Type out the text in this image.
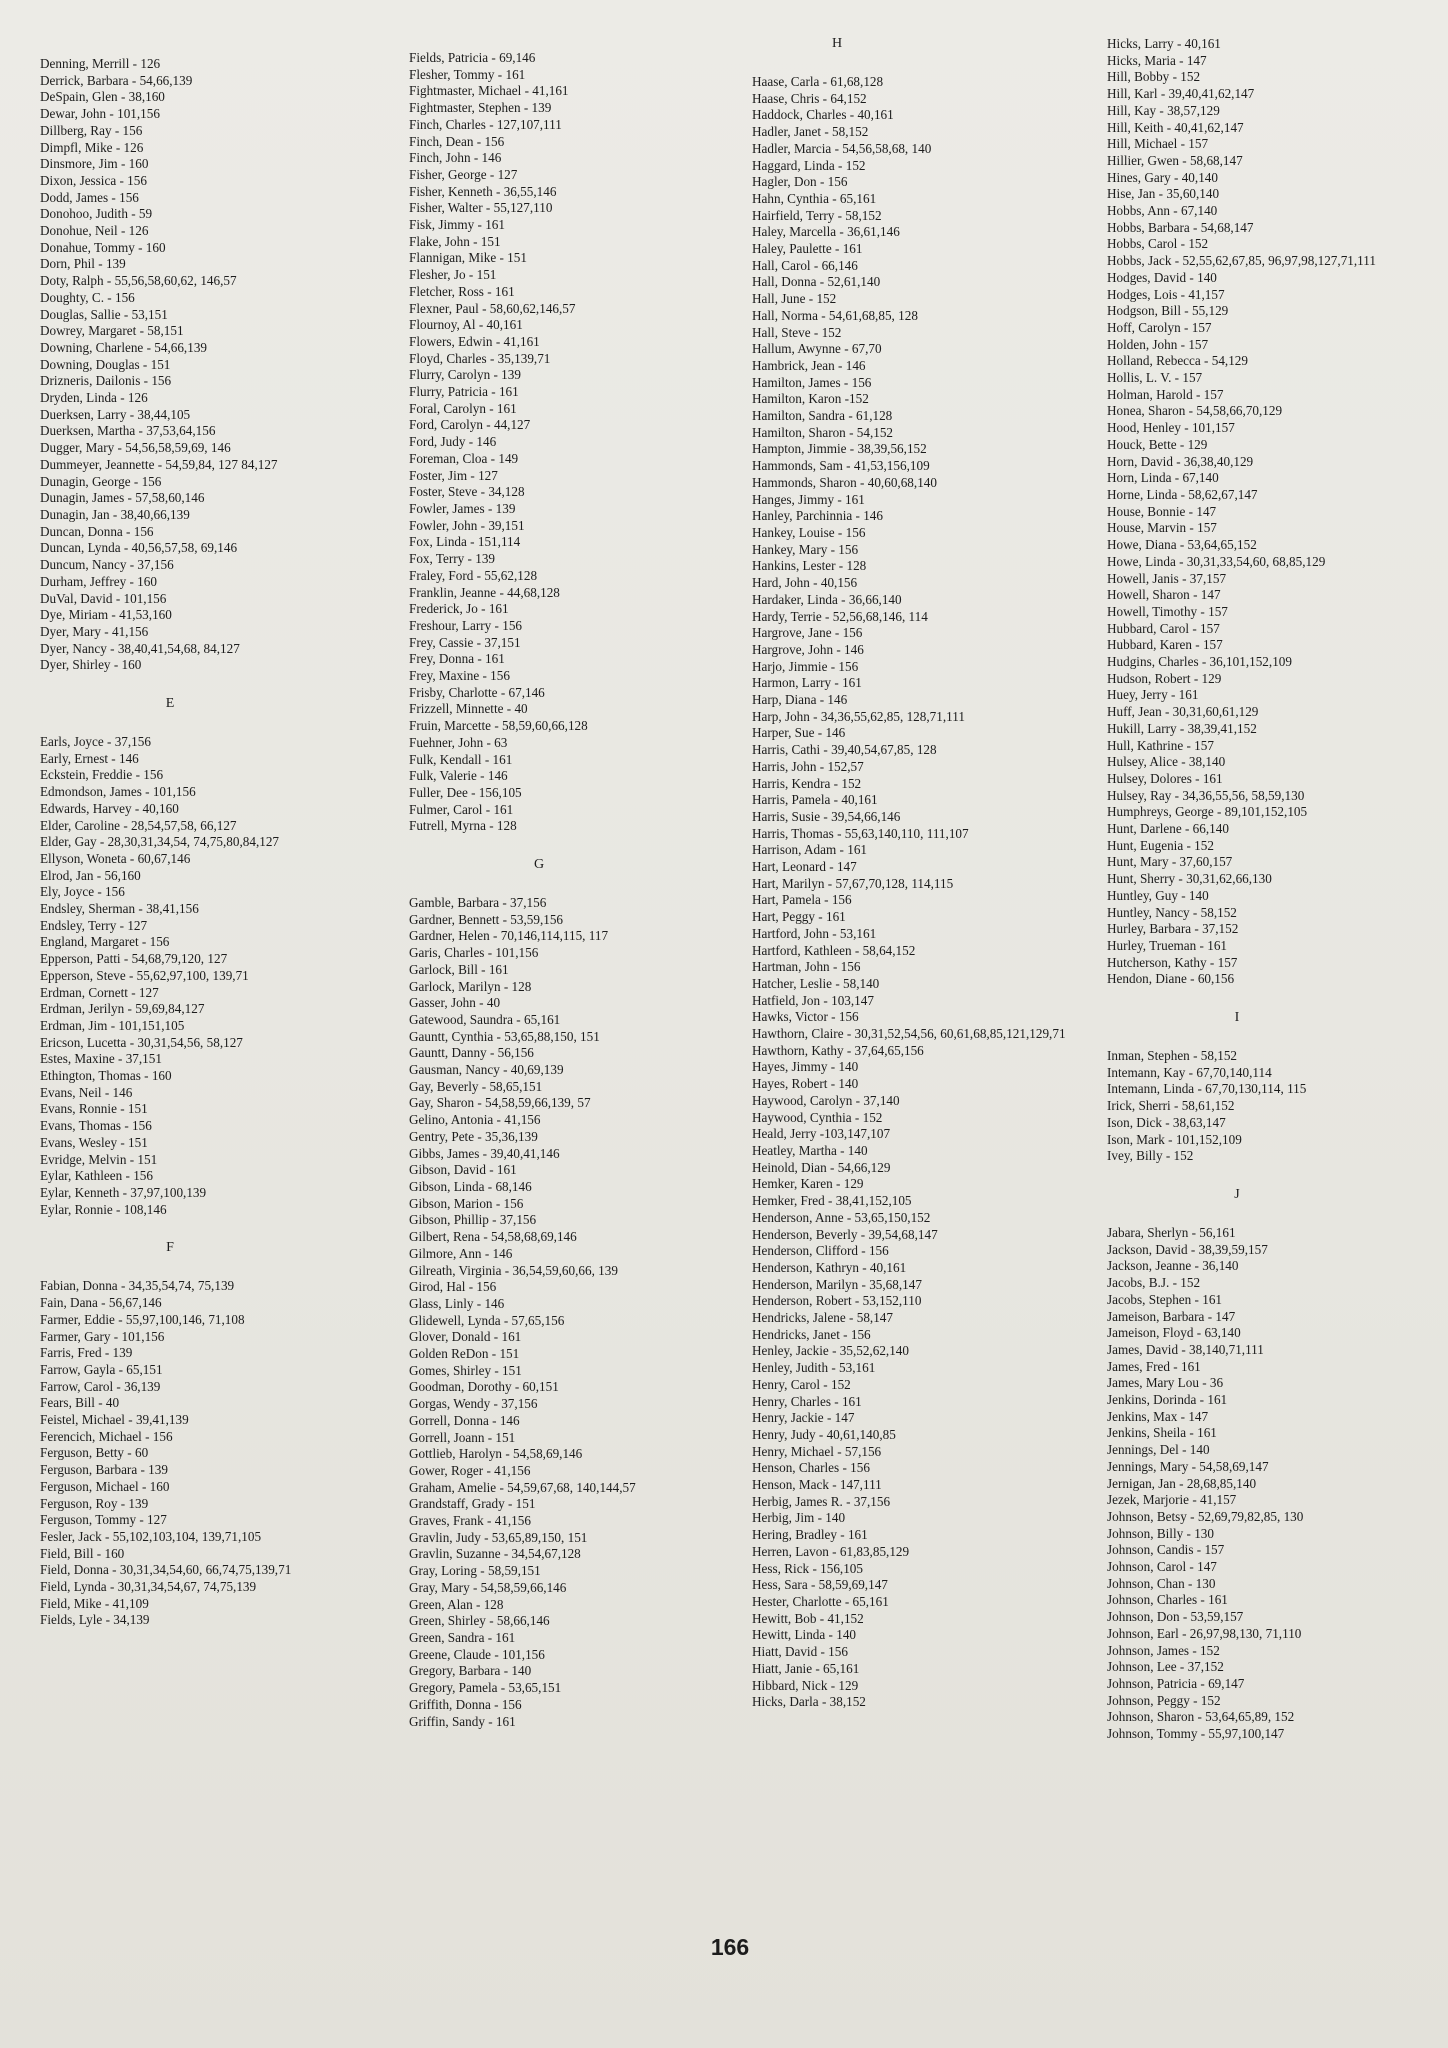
Denning, Merrill - 126
Derrick, Barbara - 54,66,139
DeSpain, Glen - 38,160
Dewar, John - 101,156
Dillberg, Ray - 156
Dimpfl, Mike - 126
Dinsmore, Jim - 160
Dixon, Jessica - 156
Dodd, James - 156
Donohoo, Judith - 59
Donohue, Neil - 126
Donahue, Tommy - 160
Dorn, Phil - 139
Doty, Ralph - 55,56,58,60,62, 146,57
Doughty, C. - 156
Douglas, Sallie - 53,151
Dowrey, Margaret - 58,151
Downing, Charlene - 54,66,139
Downing, Douglas - 151
Drizneris, Dailonis - 156
Dryden, Linda - 126
Duerksen, Larry - 38,44,105
Duerksen, Martha - 37,53,64,156
Dugger, Mary - 54,56,58,59,69, 146
Dummeyer, Jeannette - 54,59,84, 127 84,127
Dunagin, George - 156
Dunagin, James - 57,58,60,146
Dunagin, Jan - 38,40,66,139
Duncan, Donna - 156
Duncan, Lynda - 40,56,57,58, 69,146
Duncum, Nancy - 37,156
Durham, Jeffrey - 160
DuVal, David - 101,156
Dye, Miriam - 41,53,160
Dyer, Mary - 41,156
Dyer, Nancy - 38,40,41,54,68, 84,127
Dyer, Shirley - 160
E
Earls, Joyce - 37,156
Early, Ernest - 146
Eckstein, Freddie - 156
Edmondson, James - 101,156
Edwards, Harvey - 40,160
Elder, Caroline - 28,54,57,58, 66,127
Elder, Gay - 28,30,31,34,54, 74,75,80,84,127
Ellyson, Woneta - 60,67,146
Elrod, Jan - 56,160
Ely, Joyce - 156
Endsley, Sherman - 38,41,156
Endsley, Terry - 127
England, Margaret - 156
Epperson, Patti - 54,68,79,120, 127
Epperson, Steve - 55,62,97,100, 139,71
Erdman, Cornett - 127
Erdman, Jerilyn - 59,69,84,127
Erdman, Jim - 101,151,105
Ericson, Lucetta - 30,31,54,56, 58,127
Estes, Maxine - 37,151
Ethington, Thomas - 160
Evans, Neil - 146
Evans, Ronnie - 151
Evans, Thomas - 156
Evans, Wesley - 151
Evridge, Melvin - 151
Eylar, Kathleen - 156
Eylar, Kenneth - 37,97,100,139
Eylar, Ronnie - 108,146
F
Fabian, Donna - 34,35,54,74, 75,139
Fain, Dana - 56,67,146
Farmer, Eddie - 55,97,100,146, 71,108
Farmer, Gary - 101,156
Farris, Fred - 139
Farrow, Gayla - 65,151
Farrow, Carol - 36,139
Fears, Bill - 40
Feistel, Michael - 39,41,139
Ferencich, Michael - 156
Ferguson, Betty - 60
Ferguson, Barbara - 139
Ferguson, Michael - 160
Ferguson, Roy - 139
Ferguson, Tommy - 127
Fesler, Jack - 55,102,103,104, 139,71,105
Field, Bill - 160
Field, Donna - 30,31,34,54,60, 66,74,75,139,71
Field, Lynda - 30,31,34,54,67, 74,75,139
Field, Mike - 41,109
Fields, Lyle - 34,139
Fields, Patricia - 69,146
Flesher, Tommy - 161
Fightmaster, Michael - 41,161
Fightmaster, Stephen - 139
Finch, Charles - 127,107,111
Finch, Dean - 156
Finch, John - 146
Fisher, George - 127
Fisher, Kenneth - 36,55,146
Fisher, Walter - 55,127,110
Fisk, Jimmy - 161
Flake, John - 151
Flannigan, Mike - 151
Flesher, Jo - 151
Fletcher, Ross - 161
Flexner, Paul - 58,60,62,146,57
Flournoy, Al - 40,161
Flowers, Edwin - 41,161
Floyd, Charles - 35,139,71
Flurry, Carolyn - 139
Flurry, Patricia - 161
Foral, Carolyn - 161
Ford, Carolyn - 44,127
Ford, Judy - 146
Foreman, Cloa - 149
Foster, Jim - 127
Foster, Steve - 34,128
Fowler, James - 139
Fowler, John - 39,151
Fox, Linda - 151,114
Fox, Terry - 139
Fraley, Ford - 55,62,128
Franklin, Jeanne - 44,68,128
Frederick, Jo - 161
Freshour, Larry - 156
Frey, Cassie - 37,151
Frey, Donna - 161
Frey, Maxine - 156
Frisby, Charlotte - 67,146
Frizzell, Minnette - 40
Fruin, Marcette - 58,59,60,66,128
Fuehner, John - 63
Fulk, Kendall - 161
Fulk, Valerie - 146
Fuller, Dee - 156,105
Fulmer, Carol - 161
Futrell, Myrna - 128
G
Gamble, Barbara - 37,156
Gardner, Bennett - 53,59,156
Gardner, Helen - 70,146,114,115, 117
Garis, Charles - 101,156
Garlock, Bill - 161
Garlock, Marilyn - 128
Gasser, John - 40
Gatewood, Saundra - 65,161
Gauntt, Cynthia - 53,65,88,150, 151
Gauntt, Danny - 56,156
Gausman, Nancy - 40,69,139
Gay, Beverly - 58,65,151
Gay, Sharon - 54,58,59,66,139, 57
Gelino, Antonia - 41,156
Gentry, Pete - 35,36,139
Gibbs, James - 39,40,41,146
Gibson, David - 161
Gibson, Linda - 68,146
Gibson, Marion - 156
Gibson, Phillip - 37,156
Gilbert, Rena - 54,58,68,69,146
Gilmore, Ann - 146
Gilreath, Virginia - 36,54,59,60,66, 139
Girod, Hal - 156
Glass, Linly - 146
Glidewell, Lynda - 57,65,156
Glover, Donald - 161
Golden ReDon - 151
Gomes, Shirley - 151
Goodman, Dorothy - 60,151
Gorgas, Wendy - 37,156
Gorrell, Donna - 146
Gorrell, Joann - 151
Gottlieb, Harolyn - 54,58,69,146
Gower, Roger - 41,156
Graham, Amelie - 54,59,67,68, 140,144,57
Grandstaff, Grady - 151
Graves, Frank - 41,156
Gravlin, Judy - 53,65,89,150, 151
Gravlin, Suzanne - 34,54,67,128
Gray, Loring - 58,59,151
Gray, Mary - 54,58,59,66,146
Green, Alan - 128
Green, Shirley - 58,66,146
Green, Sandra - 161
Greene, Claude - 101,156
Gregory, Barbara - 140
Gregory, Pamela - 53,65,151
Griffith, Donna - 156
Griffin, Sandy - 161
H
Haase, Carla - 61,68,128
Haase, Chris - 64,152
Haddock, Charles - 40,161
Hadler, Janet - 58,152
Hadler, Marcia - 54,56,58,68, 140
Haggard, Linda - 152
Hagler, Don - 156
Hahn, Cynthia - 65,161
Hairfield, Terry - 58,152
Haley, Marcella - 36,61,146
Haley, Paulette - 161
Hall, Carol - 66,146
Hall, Donna - 52,61,140
Hall, June - 152
Hall, Norma - 54,61,68,85, 128
Hall, Steve - 152
Hallum, Awynne - 67,70
Hambrick, Jean - 146
Hamilton, James - 156
Hamilton, Karon -152
Hamilton, Sandra - 61,128
Hamilton, Sharon - 54,152
Hampton, Jimmie - 38,39,56,152
Hammonds, Sam - 41,53,156,109
Hammonds, Sharon - 40,60,68,140
Hanges, Jimmy - 161
Hanley, Parchinnia - 146
Hankey, Louise - 156
Hankey, Mary - 156
Hankins, Lester - 128
Hard, John - 40,156
Hardaker, Linda - 36,66,140
Hardy, Terrie - 52,56,68,146, 114
Hargrove, Jane - 156
Hargrove, John - 146
Harjo, Jimmie - 156
Harmon, Larry - 161
Harp, Diana - 146
Harp, John - 34,36,55,62,85, 128,71,111
Harper, Sue - 146
Harris, Cathi - 39,40,54,67,85, 128
Harris, John - 152,57
Harris, Kendra - 152
Harris, Pamela - 40,161
Harris, Susie - 39,54,66,146
Harris, Thomas - 55,63,140,110, 111,107
Harrison, Adam - 161
Hart, Leonard - 147
Hart, Marilyn - 57,67,70,128, 114,115
Hart, Pamela - 156
Hart, Peggy - 161
Hartford, John - 53,161
Hartford, Kathleen - 58,64,152
Hartman, John - 156
Hatcher, Leslie - 58,140
Hatfield, Jon - 103,147
Hawks, Victor - 156
Hawthorn, Claire - 30,31,52,54,56, 60,61,68,85,121,129,71
Hawthorn, Kathy - 37,64,65,156
Hayes, Jimmy - 140
Hayes, Robert - 140
Haywood, Carolyn - 37,140
Haywood, Cynthia - 152
Heald, Jerry -103,147,107
Heatley, Martha - 140
Heinold, Dian - 54,66,129
Hemker, Karen - 129
Hemker, Fred - 38,41,152,105
Henderson, Anne - 53,65,150,152
Henderson, Beverly - 39,54,68,147
Henderson, Clifford - 156
Henderson, Kathryn - 40,161
Henderson, Marilyn - 35,68,147
Henderson, Robert - 53,152,110
Hendricks, Jalene - 58,147
Hendricks, Janet - 156
Henley, Jackie - 35,52,62,140
Henley, Judith - 53,161
Henry, Carol - 152
Henry, Charles - 161
Henry, Jackie - 147
Henry, Judy - 40,61,140,85
Henry, Michael - 57,156
Henson, Charles - 156
Henson, Mack - 147,111
Herbig, James R. - 37,156
Herbig, Jim - 140
Hering, Bradley - 161
Herren, Lavon - 61,83,85,129
Hess, Rick - 156,105
Hess, Sara - 58,59,69,147
Hester, Charlotte - 65,161
Hewitt, Bob - 41,152
Hewitt, Linda - 140
Hiatt, David - 156
Hiatt, Janie - 65,161
Hibbard, Nick - 129
Hicks, Darla - 38,152
Hicks, Larry - 40,161
Hicks, Maria - 147
Hill, Bobby - 152
Hill, Karl - 39,40,41,62,147
Hill, Kay - 38,57,129
Hill, Keith - 40,41,62,147
Hill, Michael - 157
Hillier, Gwen - 58,68,147
Hines, Gary - 40,140
Hise, Jan - 35,60,140
Hobbs, Ann - 67,140
Hobbs, Barbara - 54,68,147
Hobbs, Carol - 152
Hobbs, Jack - 52,55,62,67,85, 96,97,98,127,71,111
Hodges, David - 140
Hodges, Lois - 41,157
Hodgson, Bill - 55,129
Hoff, Carolyn - 157
Holden, John - 157
Holland, Rebecca - 54,129
Hollis, L. V. - 157
Holman, Harold - 157
Honea, Sharon - 54,58,66,70,129
Hood, Henley - 101,157
Houck, Bette - 129
Horn, David - 36,38,40,129
Horn, Linda - 67,140
Horne, Linda - 58,62,67,147
House, Bonnie - 147
House, Marvin - 157
Howe, Diana - 53,64,65,152
Howe, Linda - 30,31,33,54,60, 68,85,129
Howell, Janis - 37,157
Howell, Sharon - 147
Howell, Timothy - 157
Hubbard, Carol - 157
Hubbard, Karen - 157
Hudgins, Charles - 36,101,152,109
Hudson, Robert - 129
Huey, Jerry - 161
Huff, Jean - 30,31,60,61,129
Hukill, Larry - 38,39,41,152
Hull, Kathrine - 157
Hulsey, Alice - 38,140
Hulsey, Dolores - 161
Hulsey, Ray - 34,36,55,56, 58,59,130
Humphreys, George - 89,101,152,105
Hunt, Darlene - 66,140
Hunt, Eugenia - 152
Hunt, Mary - 37,60,157
Hunt, Sherry - 30,31,62,66,130
Huntley, Guy - 140
Huntley, Nancy - 58,152
Hurley, Barbara - 37,152
Hurley, Trueman - 161
Hutcherson, Kathy - 157
Hendon, Diane - 60,156
I
Inman, Stephen - 58,152
Intemann, Kay - 67,70,140,114
Intemann, Linda - 67,70,130,114, 115
Irick, Sherri - 58,61,152
Ison, Dick - 38,63,147
Ison, Mark - 101,152,109
Ivey, Billy - 152
J
Jabara, Sherlyn - 56,161
Jackson, David - 38,39,59,157
Jackson, Jeanne - 36,140
Jacobs, B.J. - 152
Jacobs, Stephen - 161
Jameison, Barbara - 147
Jameison, Floyd - 63,140
James, David - 38,140,71,111
James, Fred - 161
James, Mary Lou - 36
Jenkins, Dorinda - 161
Jenkins, Max - 147
Jenkins, Sheila - 161
Jennings, Del - 140
Jennings, Mary - 54,58,69,147
Jernigan, Jan - 28,68,85,140
Jezek, Marjorie - 41,157
Johnson, Betsy - 52,69,79,82,85, 130
Johnson, Billy - 130
Johnson, Candis - 157
Johnson, Carol - 147
Johnson, Chan - 130
Johnson, Charles - 161
Johnson, Don - 53,59,157
Johnson, Earl - 26,97,98,130, 71,110
Johnson, James - 152
Johnson, Lee - 37,152
Johnson, Patricia - 69,147
Johnson, Peggy - 152
Johnson, Sharon - 53,64,65,89, 152
Johnson, Tommy - 55,97,100,147
166
